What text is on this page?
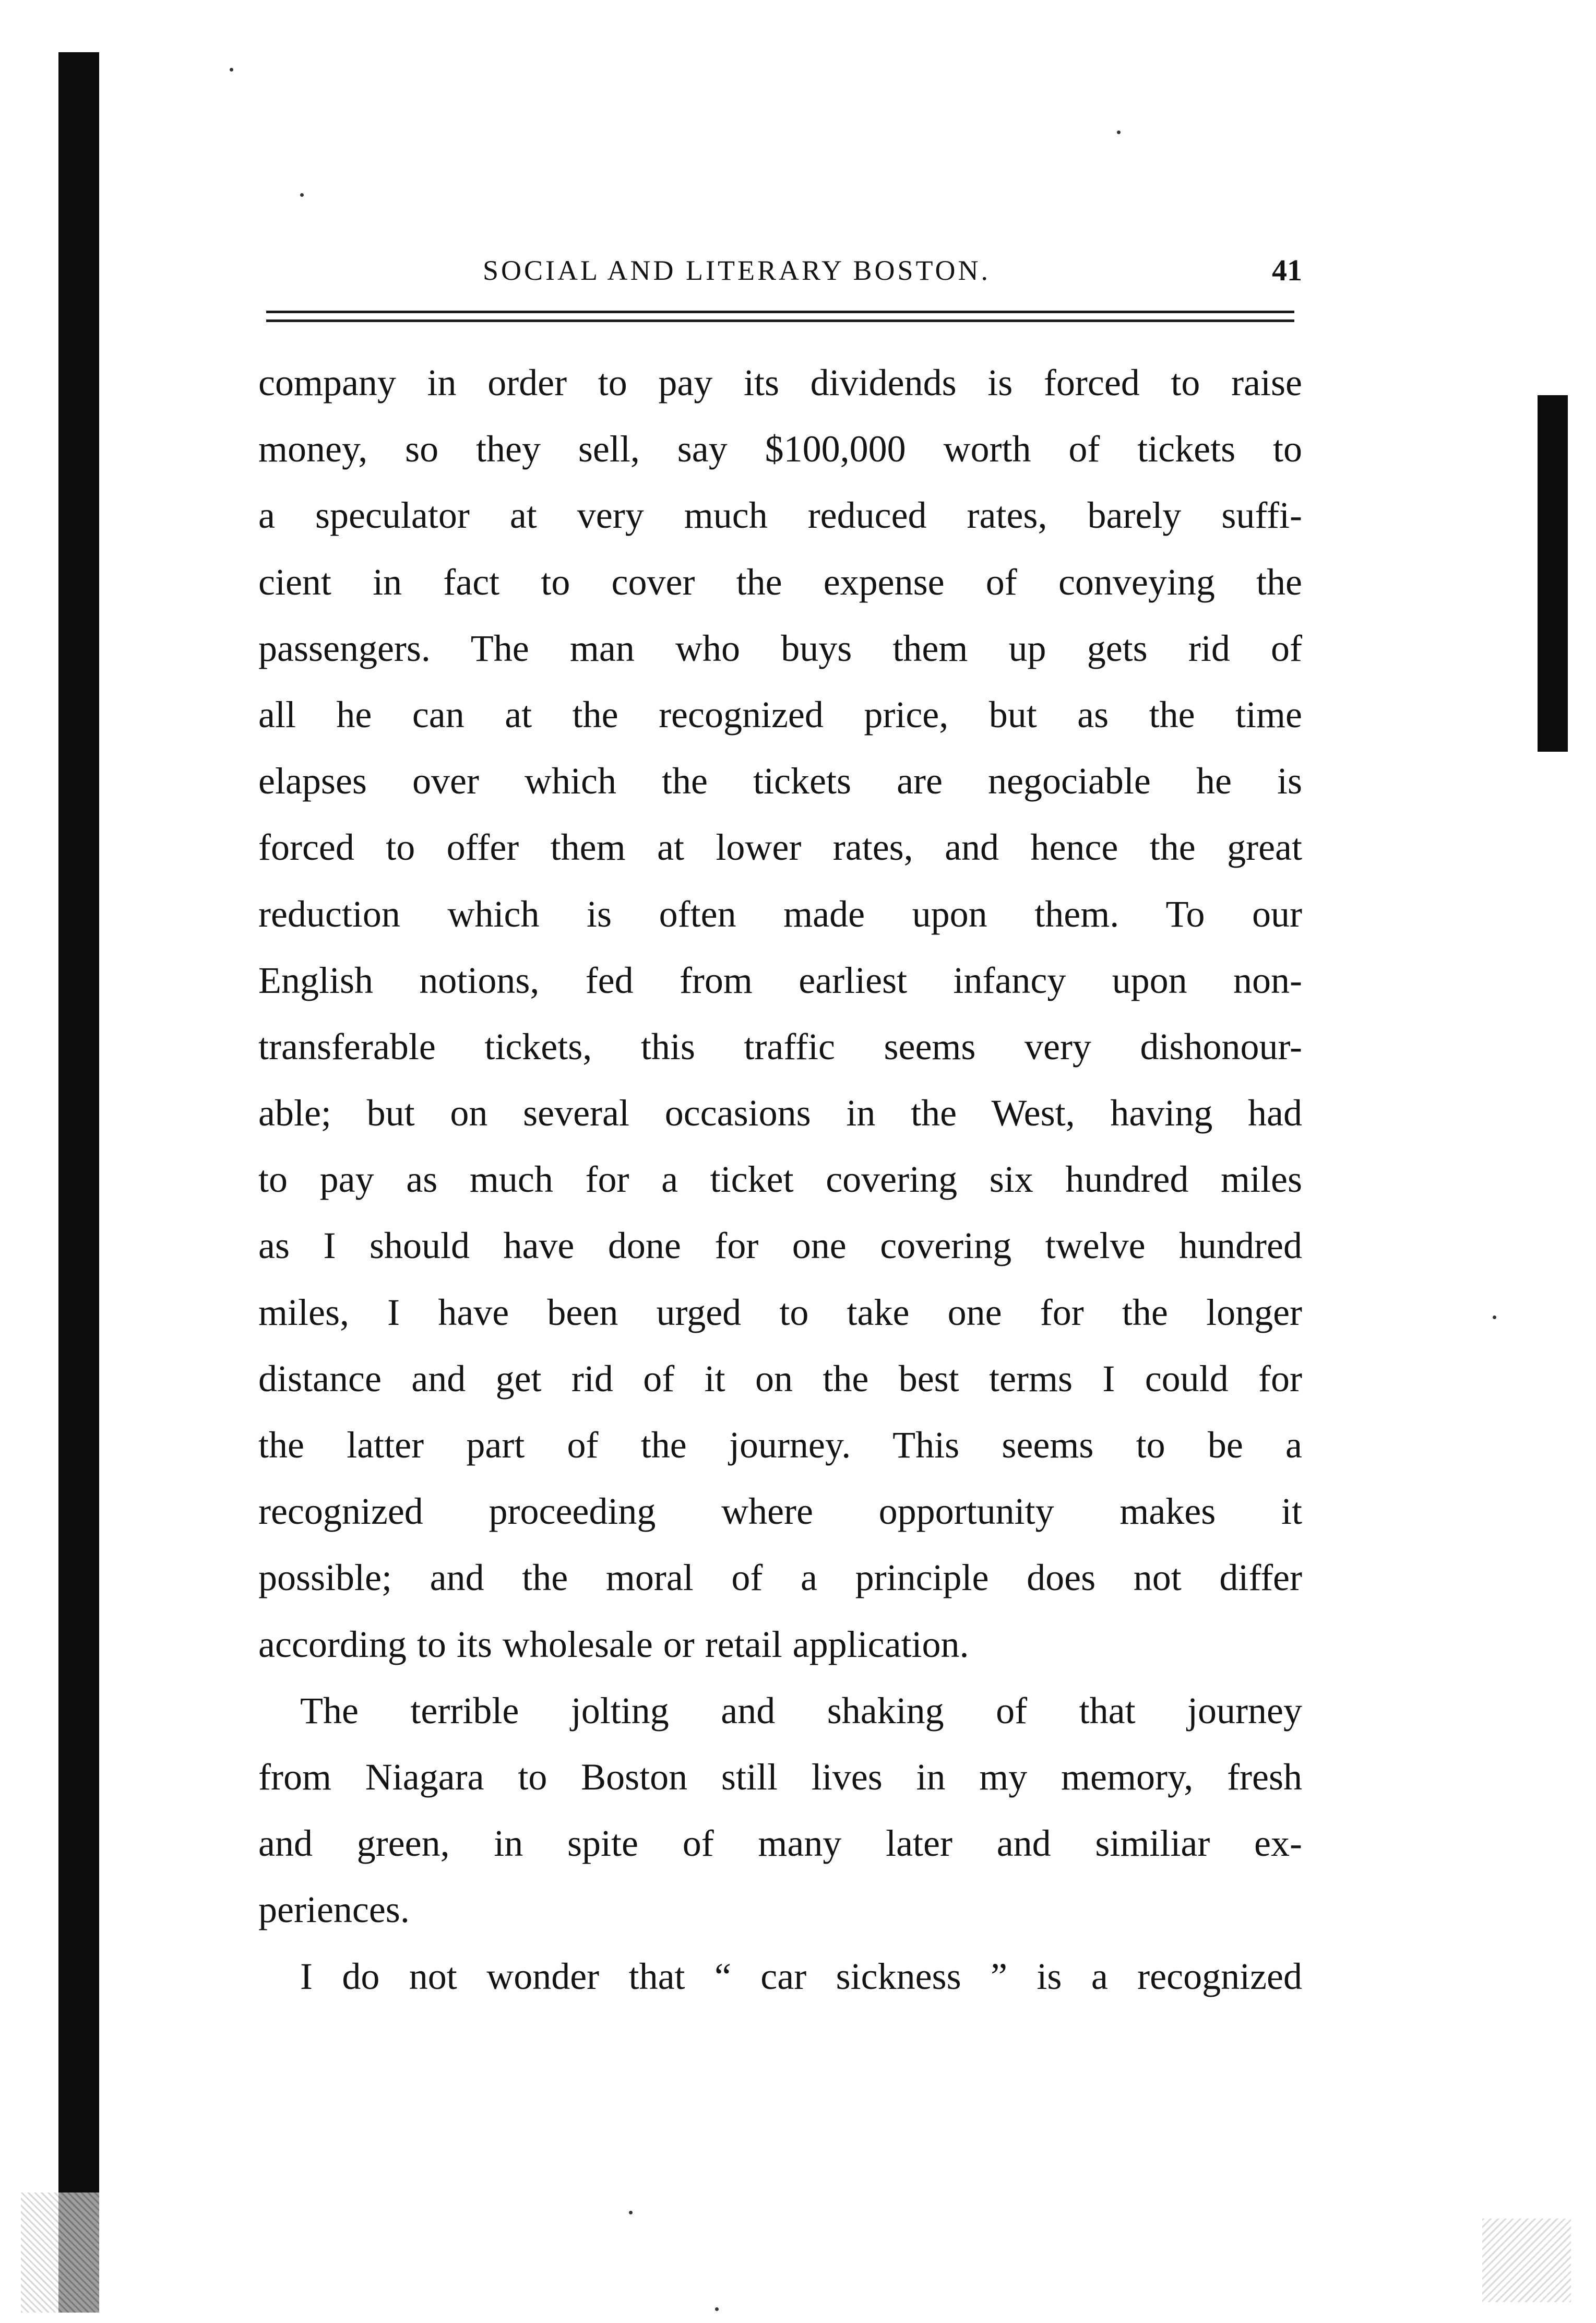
SOCIAL AND LITERARY BOSTON.	41
company in order to pay its dividends is forced to raise
money, so they sell, say $100,000 worth of tickets to
a speculator at very much reduced rates, barely suffi-
cient in fact to cover the expense of conveying the
passengers. The man who buys them up gets rid of
all he can at the recognized price, but as the time
elapses over which the tickets are negociable he is
forced to offer them at lower rates, and hence the great
reduction which is often made upon them. To our
English notions, fed from earliest infancy upon non-
transferable tickets, this traffic seems very dishonour-
able; but on several occasions in the West, having had
to pay as much for a ticket covering six hundred miles
as I should have done for one covering twelve hundred
miles, I have been urged to take one for the longer
distance and get rid of it on the best terms I could for
the latter part of the journey. This seems to be a
recognized proceeding where opportunity makes it
possible; and the moral of a principle does not differ
according to its wholesale or retail application.
The terrible jolting and shaking of that journey
from Niagara to Boston still lives in my memory, fresh
and green, in spite of many later and similiar ex-
periences.
I do not wonder that “ car sickness ” is a recognized
